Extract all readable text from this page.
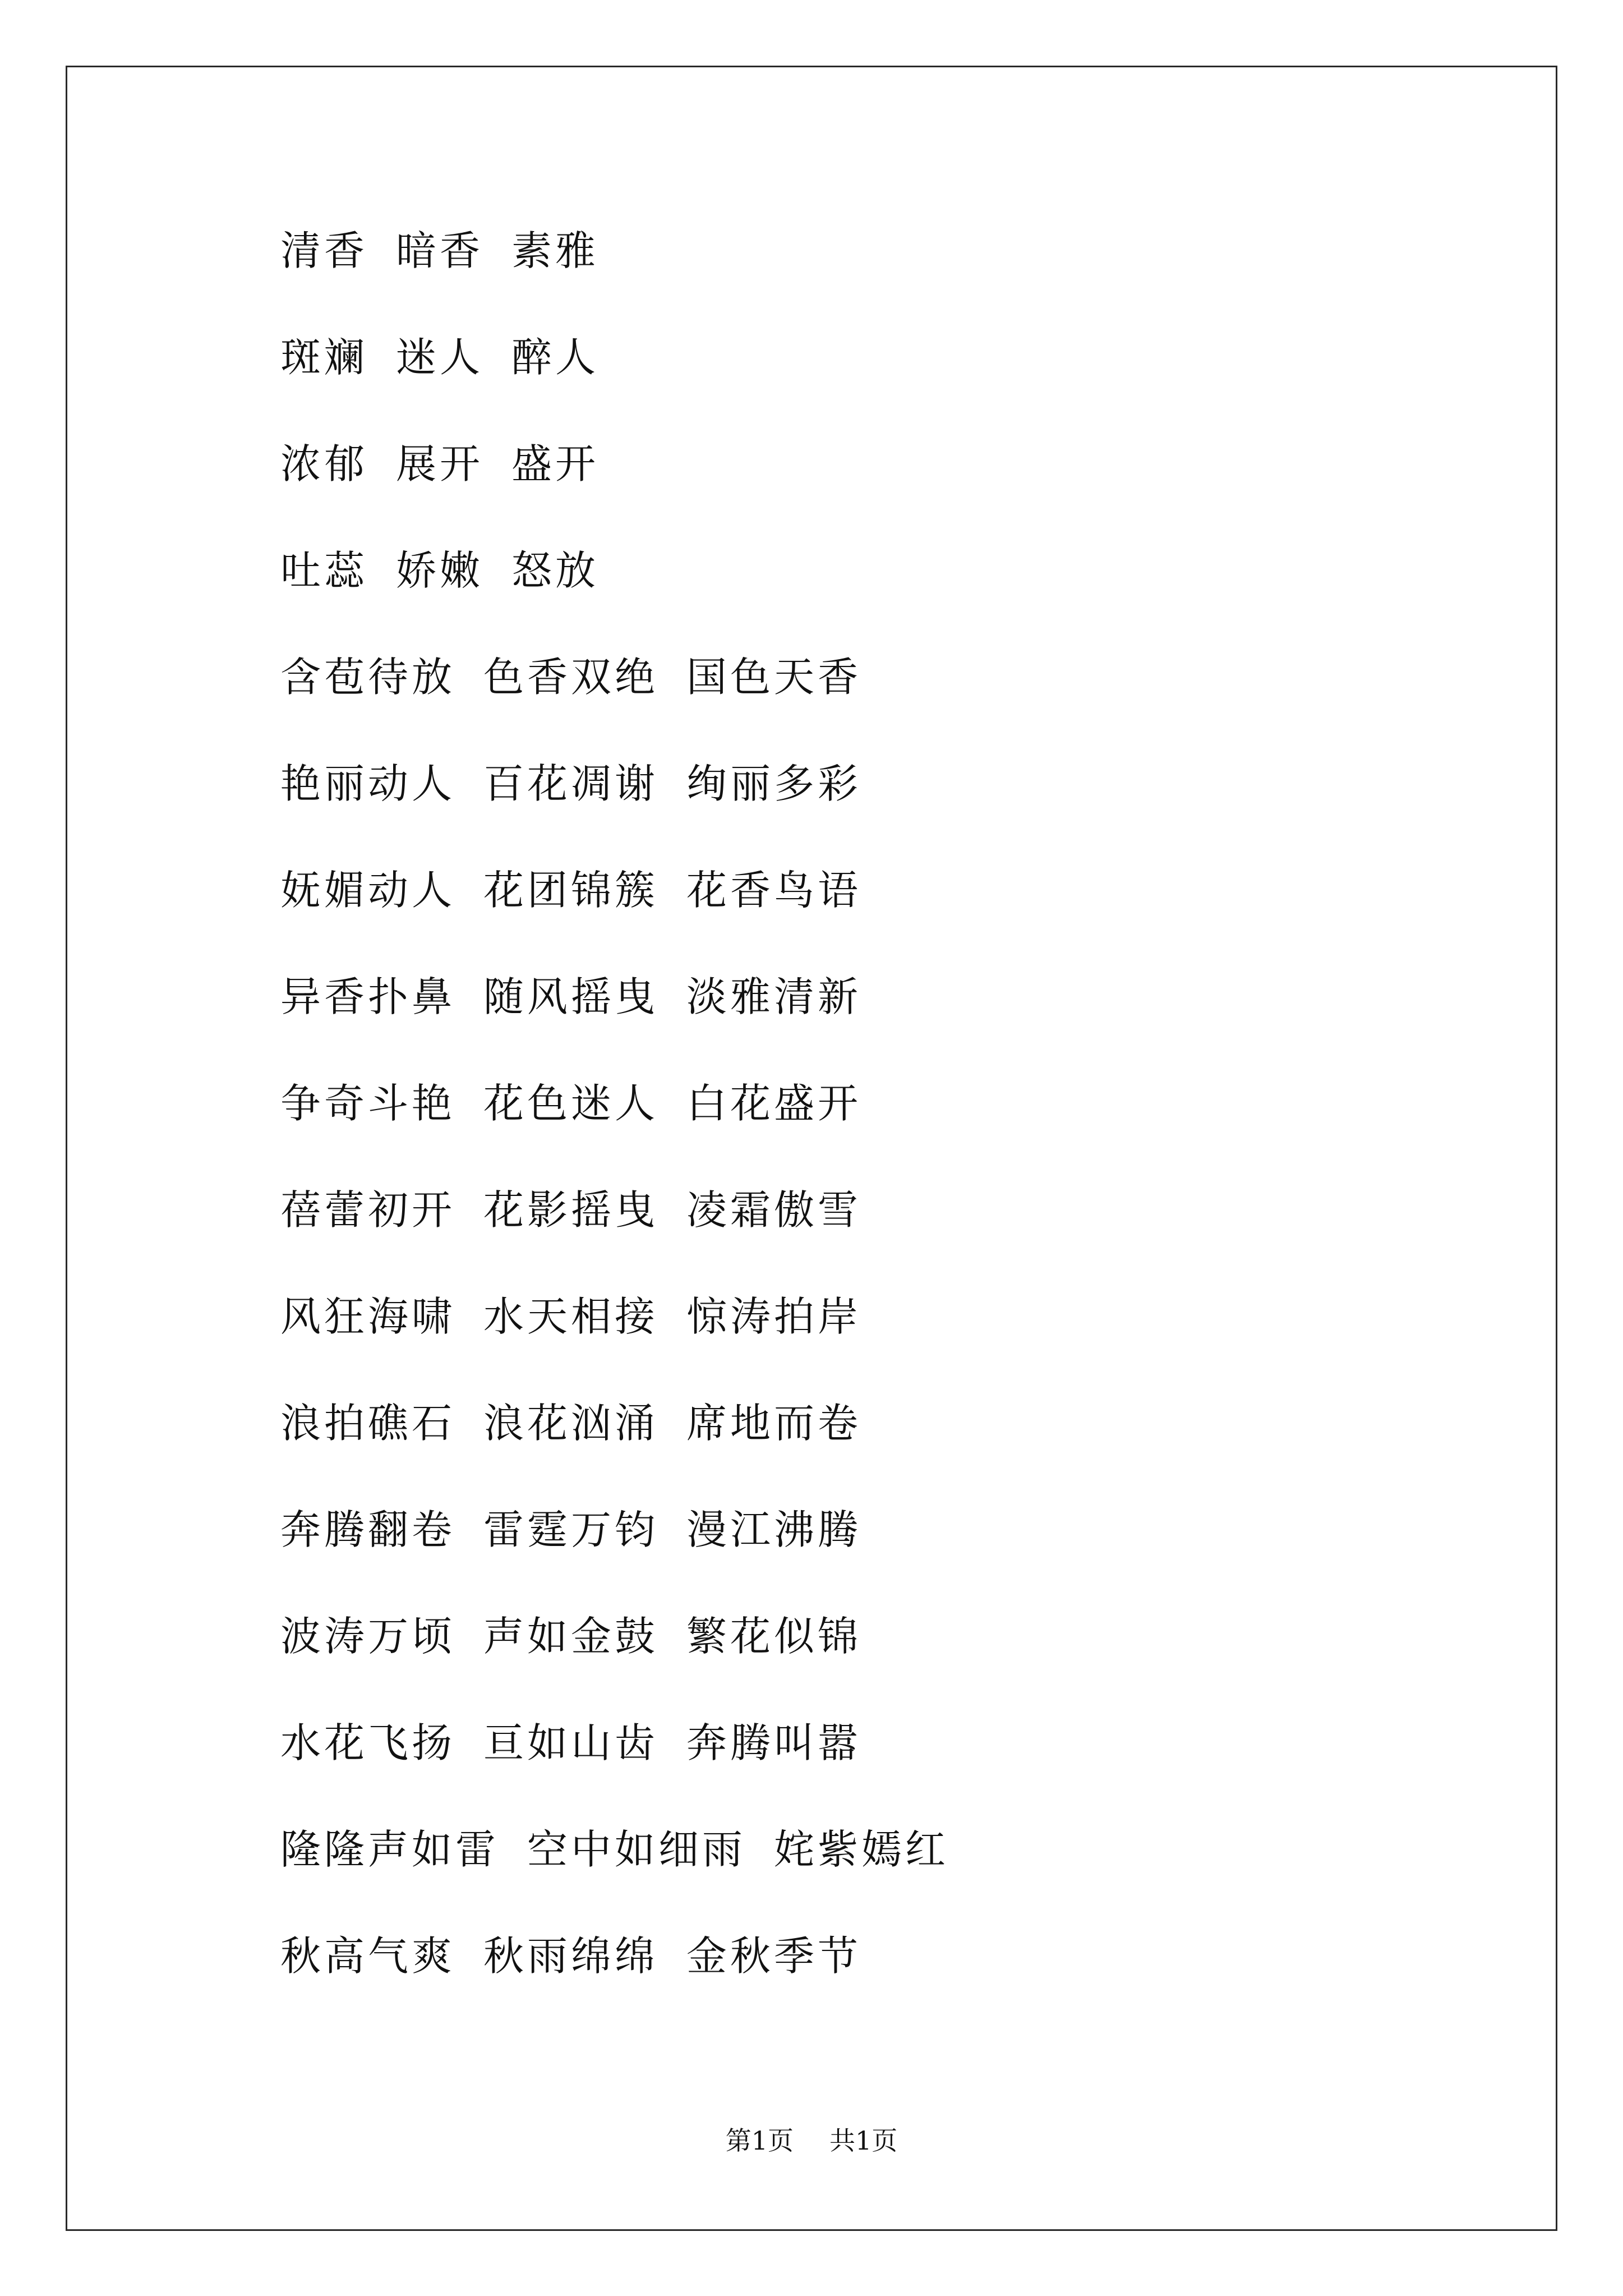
清香 暗香 素雅
斑斓 迷人 醉人
浓郁 展开 盛开
吐蕊 娇嫩 怒放
含苞待放 色香双绝 国色天香
艳丽动人 百花凋谢 绚丽多彩
妩媚动人 花团锦簇 花香鸟语
异香扑鼻 随风摇曳 淡雅清新
争奇斗艳 花色迷人 白花盛开
蓓蕾初开 花影摇曳 凌霜傲雪
风狂海啸 水天相接 惊涛拍岸
浪拍礁石 浪花汹涌 席地而卷
奔腾翻卷 雷霆万钧 漫江沸腾
波涛万顷 声如金鼓 繁花似锦
水花飞扬 亘如山齿 奔腾叫嚣
隆隆声如雷 空中如细雨 姹紫嫣红
秋高气爽 秋雨绵绵 金秋季节
第1页 共1页
